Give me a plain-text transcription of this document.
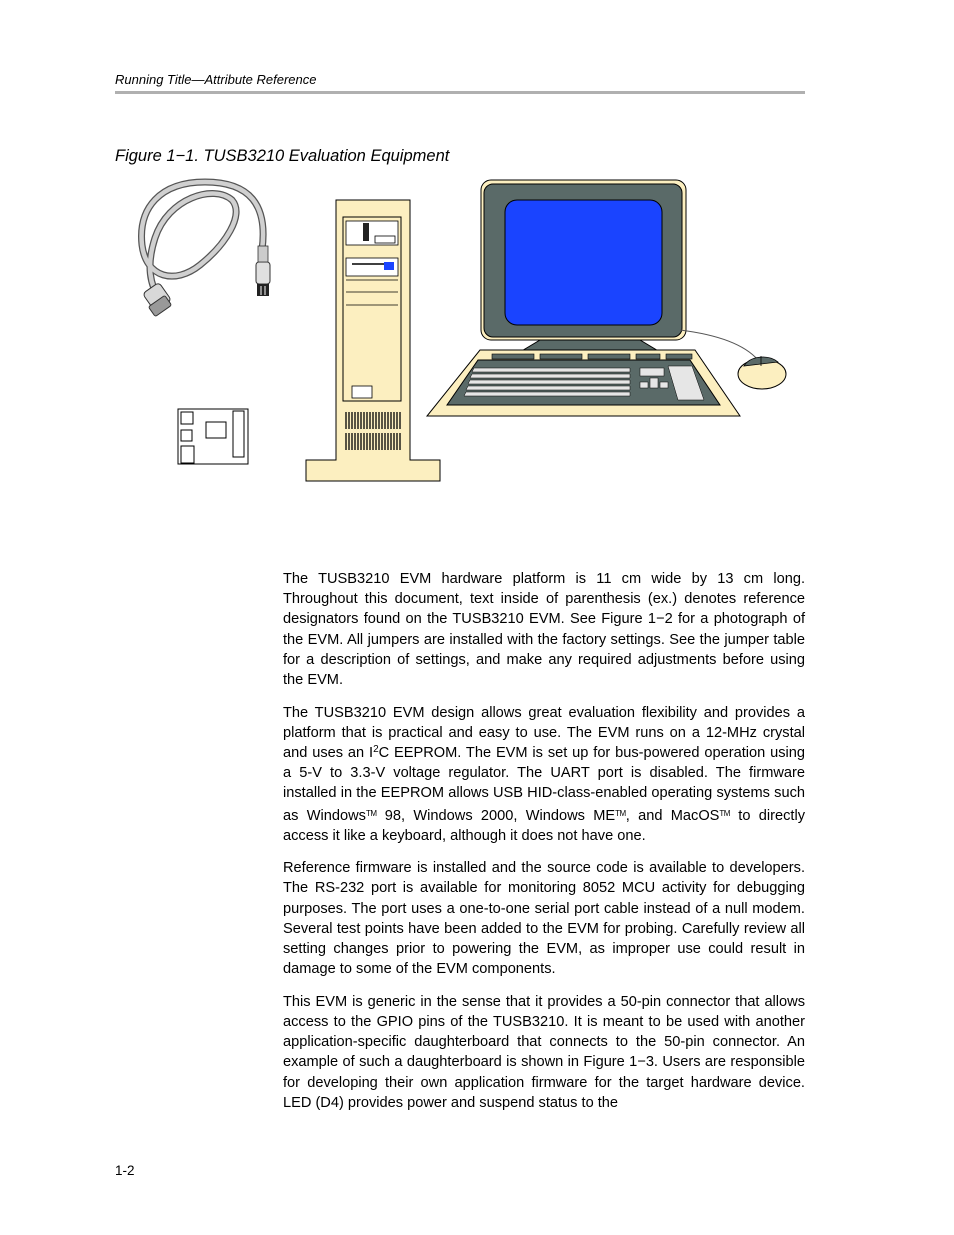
Running Title—Attribute Reference
Figure 1−1. TUSB3210 Evaluation Equipment

The TUSB3210 EVM hardware platform is 11 cm wide by 13 cm long. Throughout this document, text inside of parenthesis (ex.) denotes reference designators found on the TUSB3210 EVM. See Figure 1−2 for a photograph of the EVM. All jumpers are installed with the factory settings. See the jumper table for a description of settings, and make any required adjustments before using the EVM.

The TUSB3210 EVM design allows great evaluation flexibility and provides a platform that is practical and easy to use. The EVM runs on a 12-MHz crystal and uses an $I^2C$ EEPROM. The EVM is set up for bus-powered operation using a 5-V to 3.3-V voltage regulator. The UART port is disabled. The firmware installed in the EEPROM allows USB HID-class-enabled operating systems such as Windows™ 98, Windows 2000, Windows ME™, and MacOS™ to directly access it like a keyboard, although it does not have one.

Reference firmware is installed and the source code is available to developers. The RS-232 port is available for monitoring 8052 MCU activity for debugging purposes. The port uses a one-to-one serial port cable instead of a null modem. Several test points have been added to the EVM for probing. Carefully review all setting changes prior to powering the EVM, as improper use could result in damage to some of the EVM components.

This EVM is generic in the sense that it provides a 50-pin connector that allows access to the GPIO pins of the TUSB3210. It is meant to be used with another application-specific daughterboard that connects to the 50-pin connector. An example of such a daughterboard is shown in Figure 1−3. Users are responsible for developing their own application firmware for the target hardware device. LED (D4) provides power and suspend status to the

1-2
